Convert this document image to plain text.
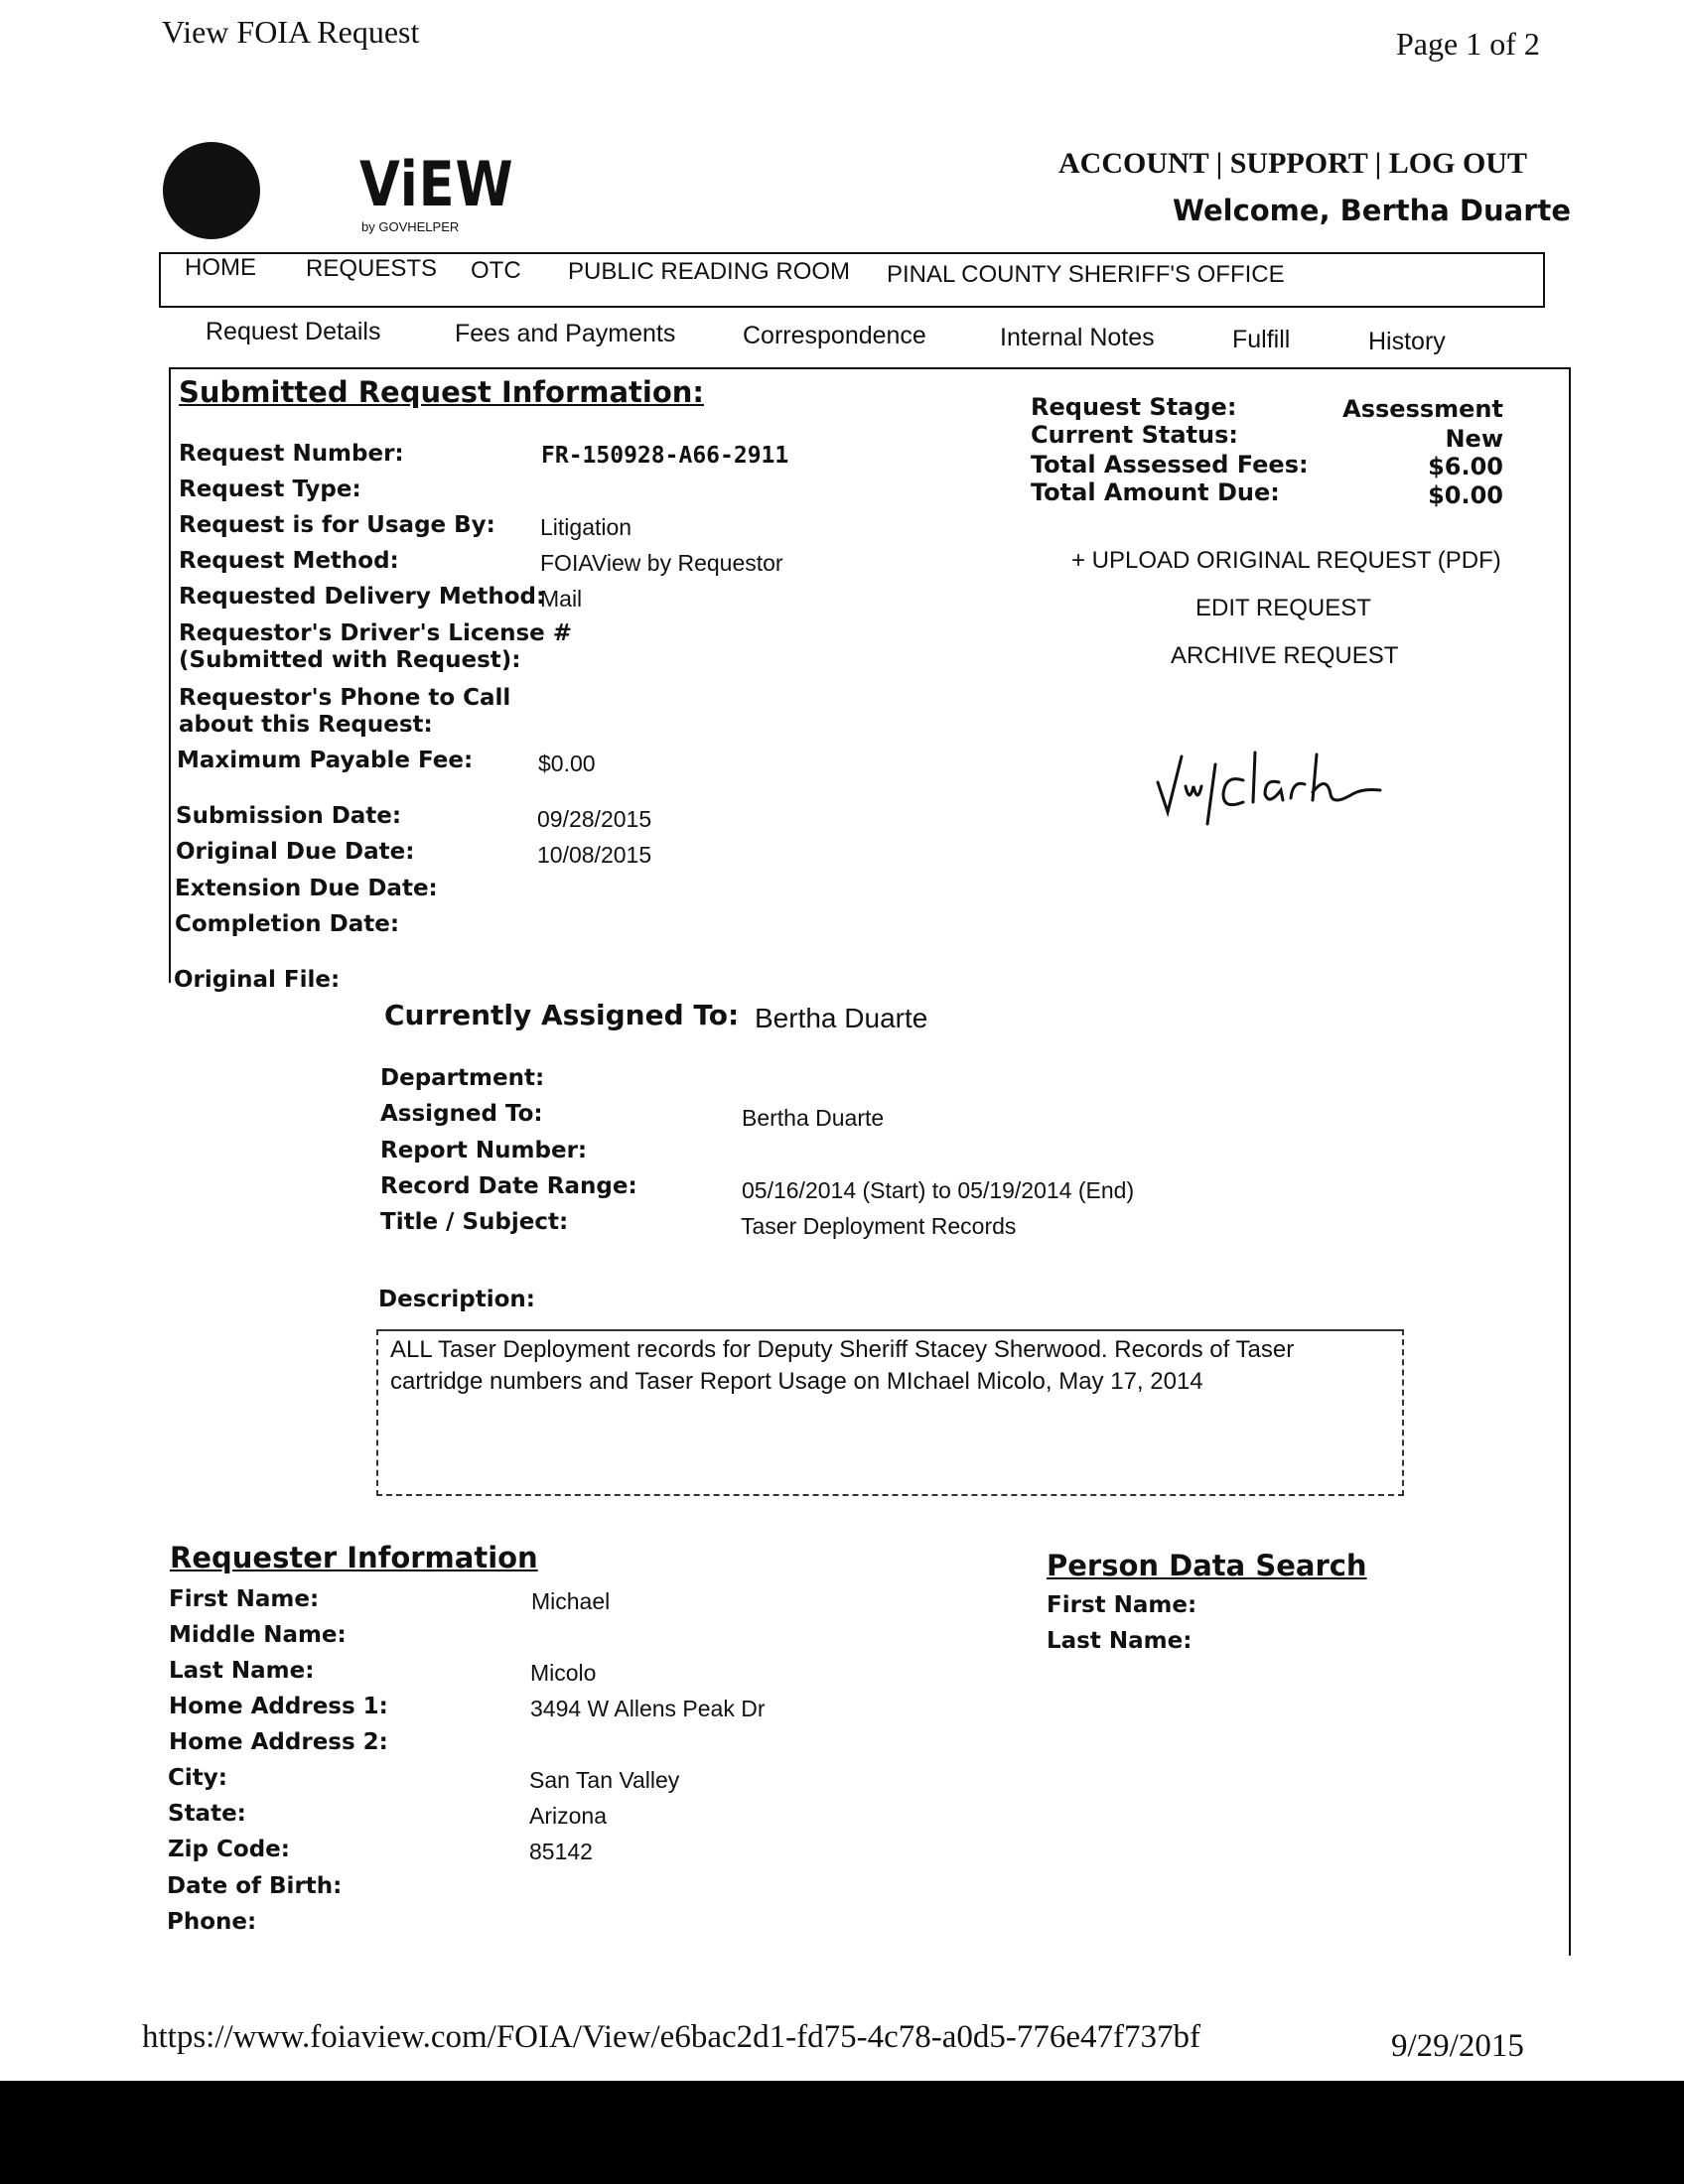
View FOIA Request	Page 1 of 2
ViEW
by GOVHELPER
ACCOUNT | SUPPORT | LOG OUT
Welcome, Bertha Duarte
HOME REQUESTS OTC PUBLIC READING ROOM PINAL COUNTY SHERIFF'S OFFICE
Request Details	Fees and Payments	Correspondence	Internal Notes	Fulfill	History
Submitted Request Information:
Request Number:	FR-150928-A66-2911
Request Type:
Request is for Usage By: Litigation
Request Method:	FOIAView by Requestor
Requested Delivery Method:
Mail
Requestor's Driver's License #
(Submitted with Request):
Requestor's Phone to Call
about this Request:
Maximum Payable Fee:	$0.00
Submission Date:	09/28/2015
Original Due Date:	10/08/2015
Extension Due Date:
Completion Date:
Original File:
Request Stage:	Assessment
Current Status:	New
Total Assessed Fees:	$6.00
Total Amount Due:	$0.00
+ UPLOAD ORIGINAL REQUEST (PDF)
EDIT REQUEST
ARCHIVE REQUEST
Currently Assigned To: Bertha Duarte
Department:
Assigned To:	Bertha Duarte
Report Number:
Record Date Range:	05/16/2014 (Start) to 05/19/2014 (End)
Title / Subject:	Taser Deployment Records
Description:
ALL Taser Deployment records for Deputy Sheriff Stacey Sherwood. Records of Taser cartridge numbers and Taser Report Usage on MIchael Micolo, May 17, 2014
Requester Information
First Name:	Michael
Middle Name:
Last Name:	Micolo
Home Address 1:	3494 W Allens Peak Dr
Home Address 2:
City:	San Tan Valley
State:	Arizona
Zip Code:	85142
Date of Birth:
Phone:
Person Data Search
First Name:
Last Name:
https://www.foiaview.com/FOIA/View/e6bac2d1-fd75-4c78-a0d5-776e47f737bf	9/29/2015
